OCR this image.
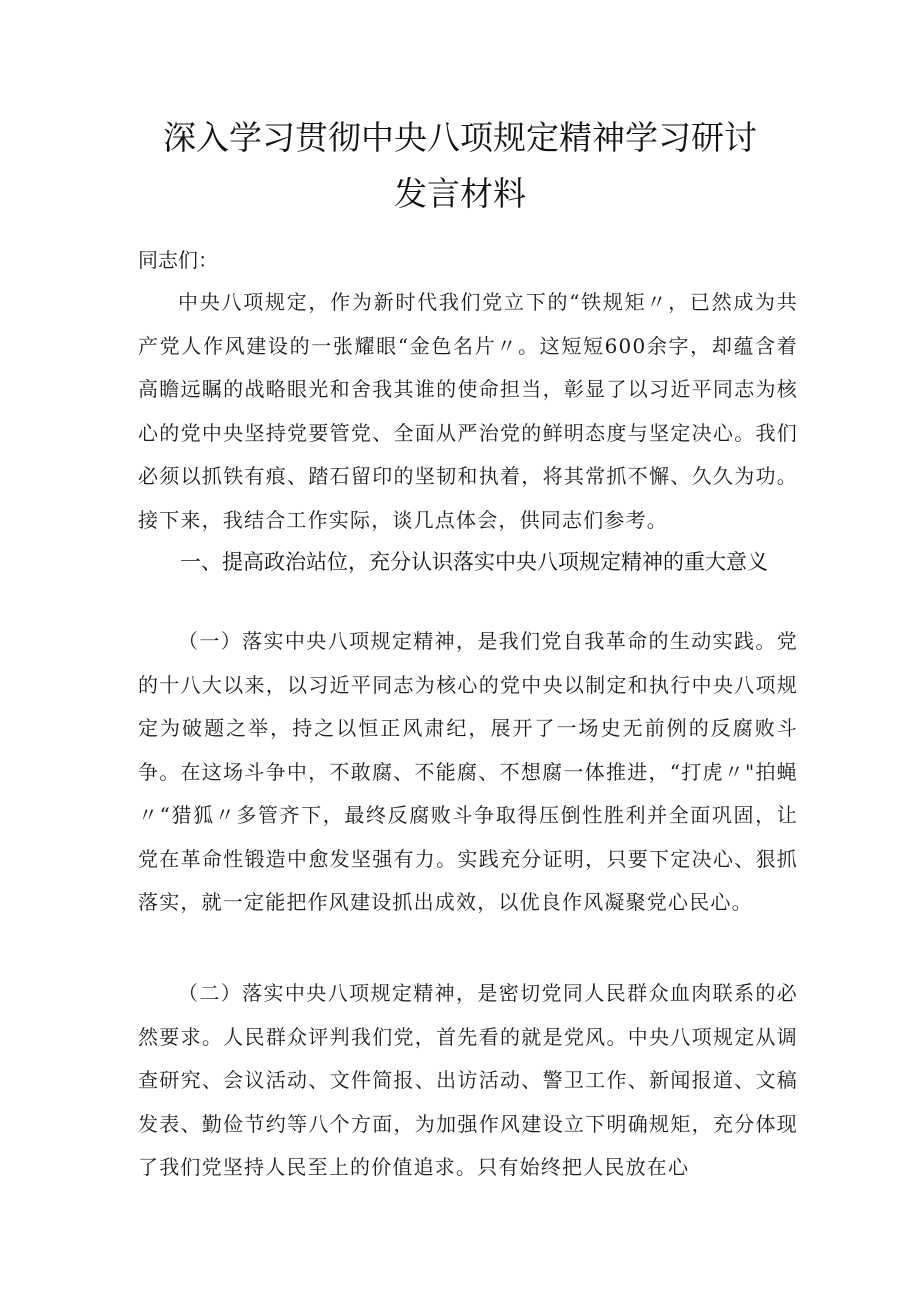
深入学习贯彻中央八项规定精神学习研讨
发言材料
同志们：

中央八项规定，作为新时代我们党立下的“铁规矩〃，已然成为共产党人作风建设的一张耀眼“金色名片〃。这短短600余字，却蕴含着高瞻远瞩的战略眼光和舍我其谁的使命担当，彰显了以习近平同志为核心的党中央坚持党要管党、全面从严治党的鲜明态度与坚定决心。我们必须以抓铁有痕、踏石留印的坚韧和执着，将其常抓不懈、久久为功。接下来，我结合工作实际，谈几点体会，供同志们参考。

一、提高政治站位，充分认识落实中央八项规定精神的重大意义

（一）落实中央八项规定精神，是我们党自我革命的生动实践。党的十八大以来，以习近平同志为核心的党中央以制定和执行中央八项规定为破题之举，持之以恒正风肃纪，展开了一场史无前例的反腐败斗争。在这场斗争中，不敢腐、不能腐、不想腐一体推进，“打虎〃"拍蝇〃“猎狐〃多管齐下，最终反腐败斗争取得压倒性胜利并全面巩固，让党在革命性锻造中愈发坚强有力。实践充分证明，只要下定决心、狠抓落实，就一定能把作风建设抓出成效，以优良作风凝聚党心民心。

（二）落实中央八项规定精神，是密切党同人民群众血肉联系的必然要求。人民群众评判我们党，首先看的就是党风。中央八项规定从调查研究、会议活动、文件简报、出访活动、警卫工作、新闻报道、文稿发表、勤俭节约等八个方面，为加强作风建设立下明确规矩，充分体现了我们党坚持人民至上的价值追求。只有始终把人民放在心
